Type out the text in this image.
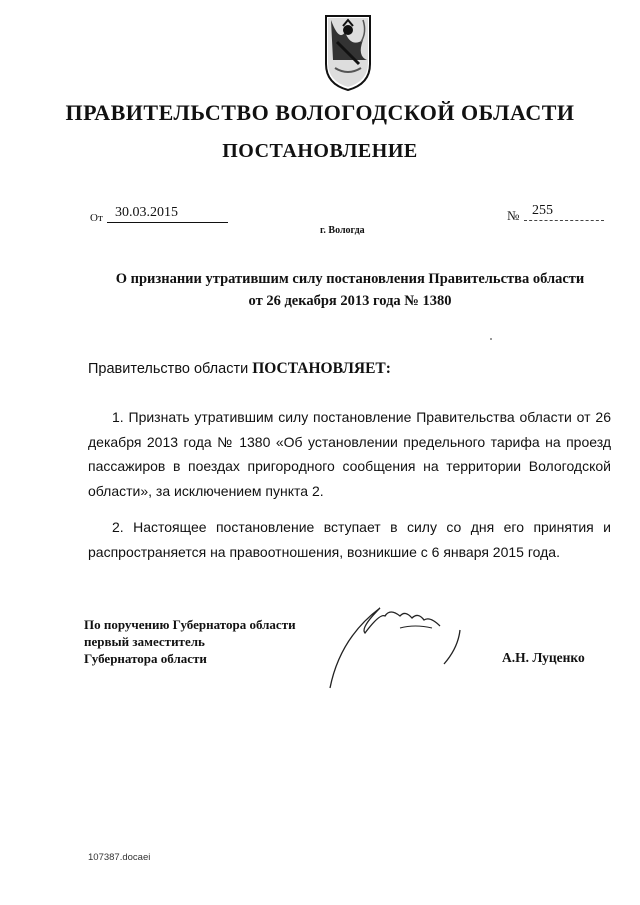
ПРАВИТЕЛЬСТВО ВОЛОГОДСКОЙ ОБЛАСТИ
ПОСТАНОВЛЕНИЕ
От 30.03.2015	№ 255
г. Вологда
О признании утратившим силу постановления Правительства области
от 26 декабря 2013 года № 1380
Правительство области ПОСТАНОВЛЯЕТ:
1. Признать утратившим силу постановление Правительства области от 26 декабря 2013 года № 1380 «Об установлении предельного тарифа на проезд пассажиров в поездах пригородного сообщения на территории Вологодской области», за исключением пункта 2.
2. Настоящее постановление вступает в силу со дня его принятия и распространяется на правоотношения, возникшие с 6 января 2015 года.
По поручению Губернатора области
первый заместитель
Губернатора области	А.Н. Луценко
107387.docaei
